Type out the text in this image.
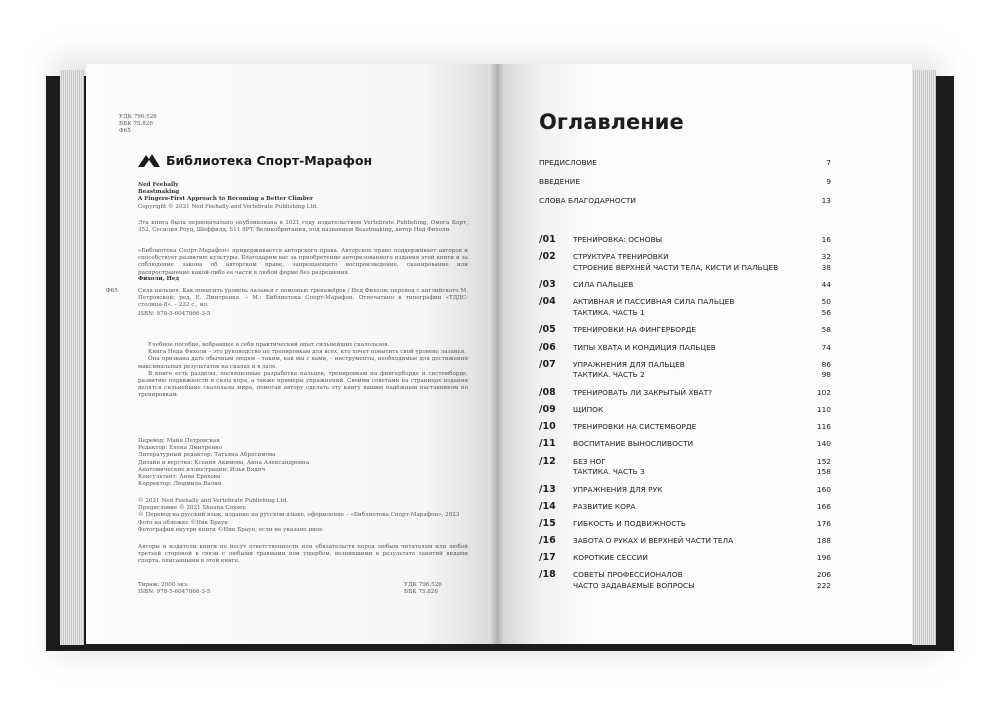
УДК 796.526
ББК 75.826
Ф65
Библиотека Спорт-Марафон
Ned Feehally
Beastmaking
A Fingers-First Approach to Becoming a Better Climber
Copyright © 2021 Ned Feehally and Vertebrate Publishing Ltd.
Эта книга была первоначально опубликована в 2021 году издательством Vertebrate Publishing, Омега Корт, 352, Сесилия Роуд, Шеффилд, S11 8PT, Великобритания, под названием Beastmaking, автор Нед Фихоли.
«Библиотека Спорт-Марафон» придерживается авторского права. Авторское право поддерживает авторов и способствует развитию культуры. Благодарим вас за приобретение авторизованного издания этой книги и за соблюдение закона об авторском праве, запрещающего воспроизведение, сканирование или распространение какой-либо ее части в любой форме без разрешения.
Фихоли, Нед
Ф65	Сила пальцев. Как повысить уровень лазанья с помощью тренажёров / Нед Фихоли; перевод с английского М. Петровской; ред. Е. Дмитренко. – М.: Библиотека Спорт-Марафон. Отпечатано в типографии «ТДДС-столица-8». – 232 с., ил.
ISBN: 978-5-6047866-3-5

Учебное пособие, вобравшее в себя практический опыт сильнейших скалолазов.

Книга Неда Фихоли – это руководство по тренировкам для всех, кто хочет повысить свой уровень лазанья.

Она призвана дать обычным людям – таким, как мы с вами, – инструменты, необходимые для достижения максимальных результатов на скалах и в зале.

В книге есть разделы, посвященные разработке пальцев, тренировкам на фингерборде и системборде, развитию подвижности и силы кора, а также примеры упражнений. Своими советами на страницах издания делятся сильнейшие скалолазы мира, помогая автору сделать эту книгу вашим надёжным наставником по тренировкам.

Перевод: Майя Петровская
Редактор: Елена Дмитренко
Литературный редактор: Татьяна Абросимова
Дизайн и верстка: Ксения Акимова, Анна Александровна
Анатомические иллюстрации: Илья Вядич
Консультант: Анна Ерохова
Корректор: Людмила Валин
© 2021 Ned Feehally and Vertebrate Publishing Ltd.
Предисловие © 2021 Shauna Coxsey.
© Перевод на русский язык, издание на русском языке, оформление – «Библиотека Спорт-Марафон», 2023
Фото на обложке ©Ник Браун
Фотографии внутри книги ©Ник Браун, если не указано иное
Авторы и издатели книги не несут ответственности или обязательств перед любым читателем или любой третьей стороной в связи с любыми травмами или ущербом, возникшими в результате занятий видами спорта, описанными в этой книге.
Тираж: 2000 экз.
ISBN: 978-5-6047866-3-5
УДК 796.526
ББК 75.826
Оглавление
ПРЕДИСЛОВИЕ	7
ВВЕДЕНИЕ	9
СЛОВА БЛАГОДАРНОСТИ	13
/01 ТРЕНИРОВКА: ОСНОВЫ	16
/02 СТРУКТУРА ТРЕНИРОВКИ	32
СТРОЕНИЕ ВЕРХНЕЙ ЧАСТИ ТЕЛА, КИСТИ И ПАЛЬЦЕВ	38
/03 СИЛА ПАЛЬЦЕВ	44
/04 АКТИВНАЯ И ПАССИВНАЯ СИЛА ПАЛЬЦЕВ	50
ТАКТИКА. ЧАСТЬ 1	56
/05 ТРЕНИРОВКИ НА ФИНГЕРБОРДЕ	58
/06 ТИПЫ ХВАТА И КОНДИЦИЯ ПАЛЬЦЕВ	74
/07 УПРАЖНЕНИЯ ДЛЯ ПАЛЬЦЕВ	86
ТАКТИКА. ЧАСТЬ 2	98
/08 ТРЕНИРОВАТЬ ЛИ ЗАКРЫТЫЙ ХВАТ?	102
/09 ЩИПОК	110
/10 ТРЕНИРОВКИ НА СИСТЕМБОРДЕ	116
/11 ВОСПИТАНИЕ ВЫНОСЛИВОСТИ	140
/12 БЕЗ НОГ	152
ТАКТИКА. ЧАСТЬ 3	158
/13 УПРАЖНЕНИЯ ДЛЯ РУК	160
/14 РАЗВИТИЕ КОРА	166
/15 ГИБКОСТЬ И ПОДВИЖНОСТЬ	176
/16 ЗАБОТА О РУКАХ И ВЕРХНЕЙ ЧАСТИ ТЕЛА	188
/17 КОРОТКИЕ СЕССИИ	196
/18 СОВЕТЫ ПРОФЕССИОНАЛОВ	206
ЧАСТО ЗАДАВАЕМЫЕ ВОПРОСЫ	222
